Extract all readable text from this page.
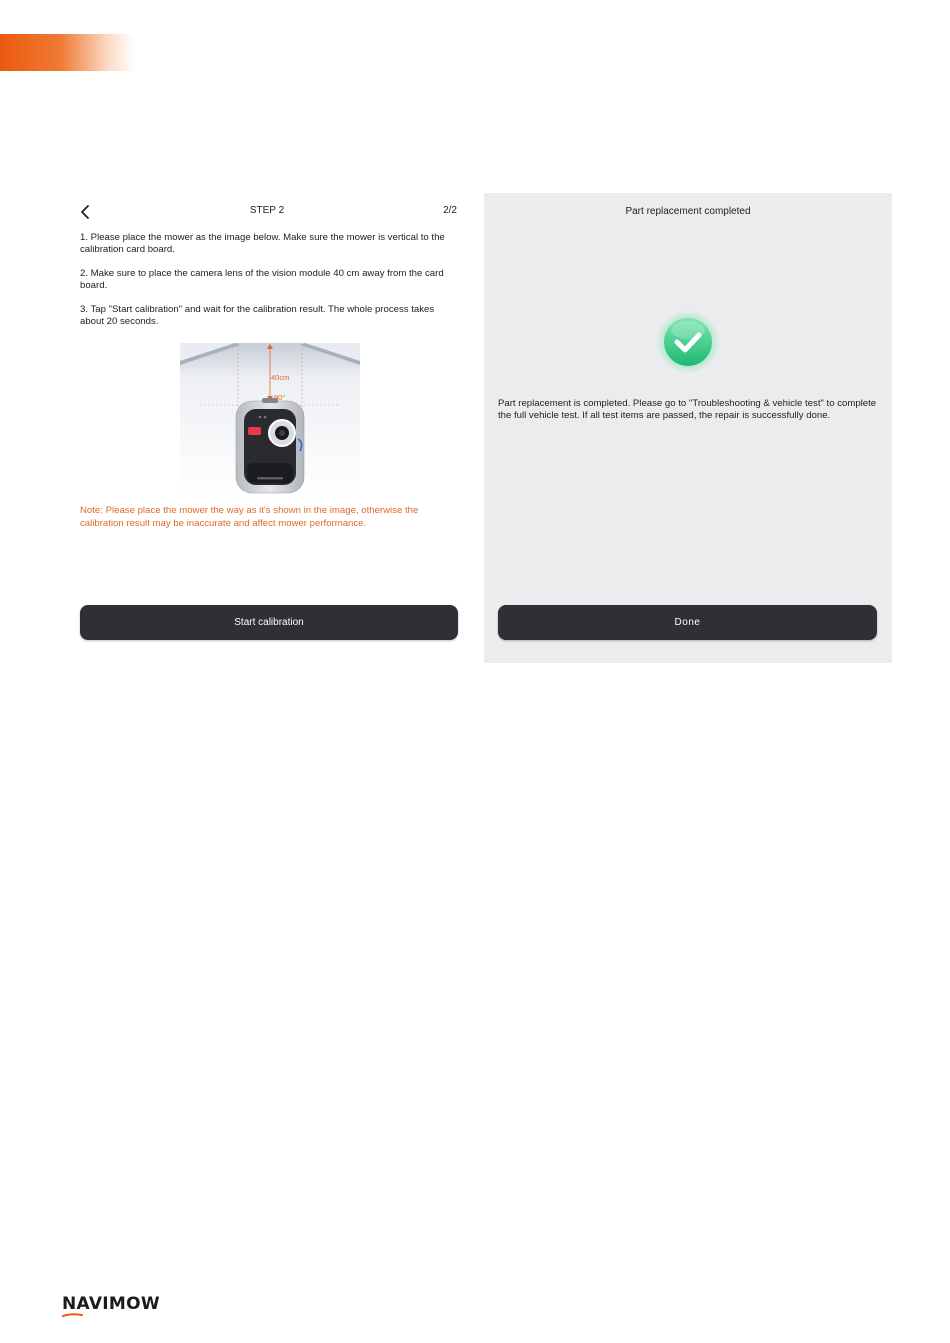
STEP 2	2/2

1. Please place the mower as the image below. Make sure the mower is vertical to the calibration card board.

2. Make sure to place the camera lens of the vision module 40 cm away from the card board.

3. Tap "Start calibration" and wait for the calibration result. The whole process takes about 20 seconds.

40cm
90°

Note: Please place the mower the way as it's shown in the image, otherwise the calibration result may be inaccurate and affect mower performance.

Start calibration
Part replacement completed

Part replacement is completed. Please go to "Troubleshooting & vehicle test" to complete the full vehicle test. If all test items are passed, the repair is successfully done.

Done
NAVIMOW
